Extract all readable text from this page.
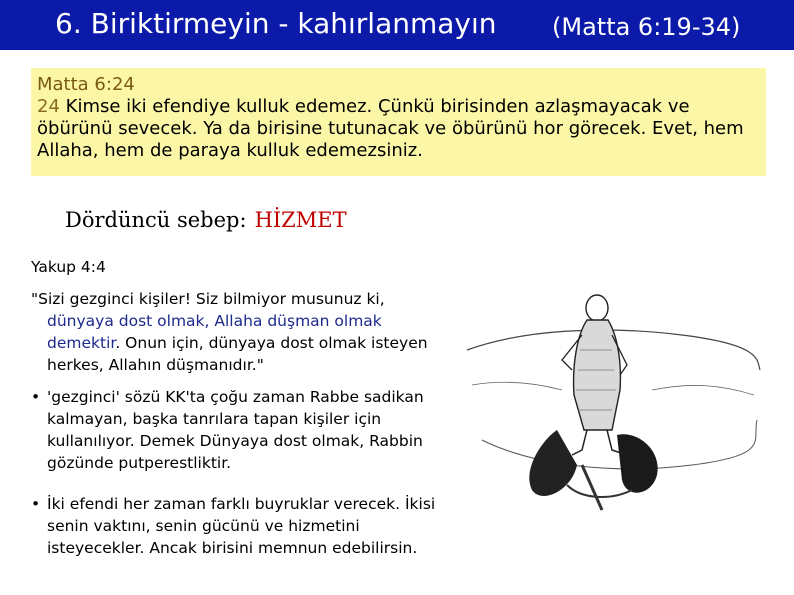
6. Biriktirmeyin - kahırlanmayın (Matta 6:19-34)
Matta 6:24
24 Kimse iki efendiye kulluk edemez. Çünkü birisinden azlaşmayacak ve öbürünü sevecek. Ya da birisine tutunacak ve öbürünü hor görecek. Evet, hem Allaha, hem de paraya kulluk edemezsiniz.
Dördüncü sebep: HİZMET
Yakup 4:4
"Sizi gezginci kişiler! Siz bilmiyor musunuz ki, dünyaya dost olmak, Allaha düşman olmak demektir. Onun için, dünyaya dost olmak isteyen herkes, Allahın düşmanıdır."
• 'gezginci' sözü KK'ta çoğu zaman Rabbe sadikan kalmayan, başka tanrılara tapan kişiler için kullanılıyor. Demek Dünyaya dost olmak, Rabbin gözünde putperestliktir.
• İki efendi her zaman farklı buyruklar verecek. İkisi senin vaktını, senin gücünü ve hizmetini isteyecekler. Ancak birisini memnun edebilirsin.
